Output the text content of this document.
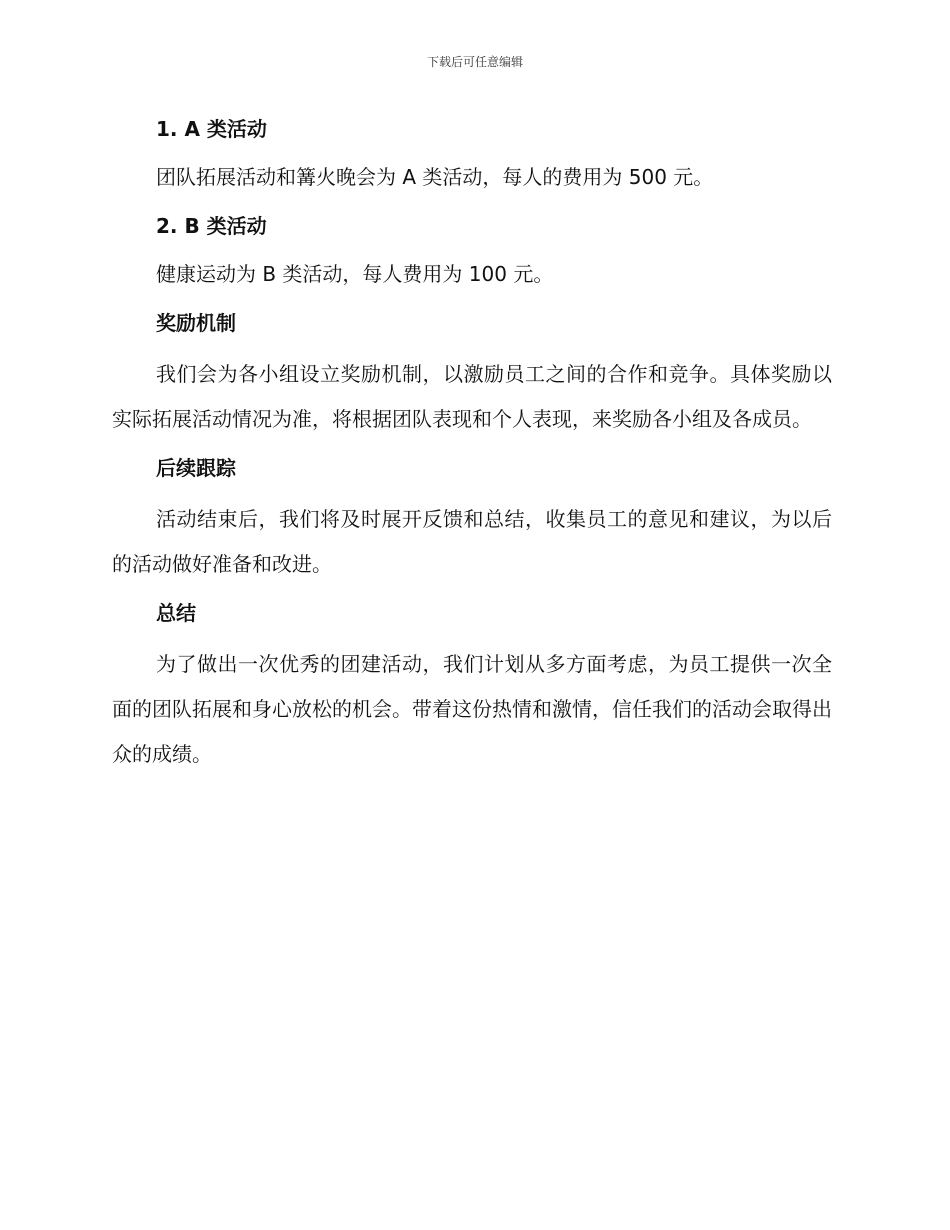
下载后可任意编辑

1. A 类活动

团队拓展活动和篝火晚会为 A 类活动，每人的费用为 500 元。

2. B 类活动

健康运动为 B 类活动，每人费用为 100 元。

奖励机制

我们会为各小组设立奖励机制，以激励员工之间的合作和竞争。具体奖励以实际拓展活动情况为准，将根据团队表现和个人表现，来奖励各小组及各成员。

后续跟踪

活动结束后，我们将及时展开反馈和总结，收集员工的意见和建议，为以后的活动做好准备和改进。

总结

为了做出一次优秀的团建活动，我们计划从多方面考虑，为员工提供一次全面的团队拓展和身心放松的机会。带着这份热情和激情，信任我们的活动会取得出众的成绩。
